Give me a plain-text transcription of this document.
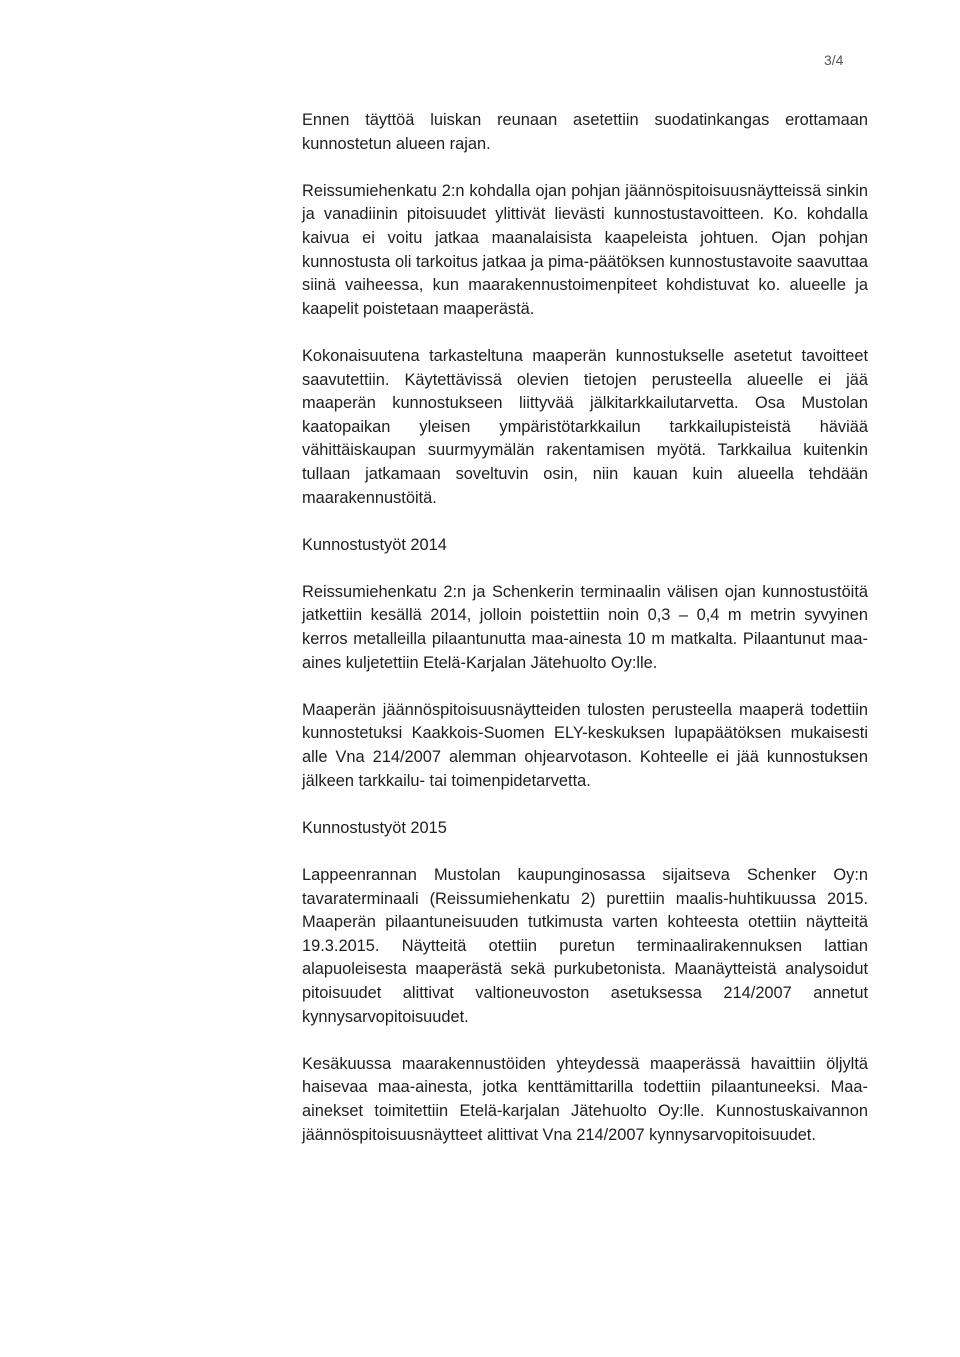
3/4

Ennen täyttöä luiskan reunaan asetettiin suodatinkangas erottamaan kunnostetun alueen rajan.

Reissumiehenkatu 2:n kohdalla ojan pohjan jäännöspitoisuusnäytteissä sinkin ja vanadiinin pitoisuudet ylittivät lievästi kunnostustavoitteen. Ko. kohdalla kaivua ei voitu jatkaa maanalaisista kaapeleista johtuen. Ojan pohjan kunnostusta oli tarkoitus jatkaa ja pima-päätöksen kunnostustavoite saavuttaa siinä vaiheessa, kun maarakennustoimenpiteet kohdistuvat ko. alueelle ja kaapelit poistetaan maaperästä.

Kokonaisuutena tarkasteltuna maaperän kunnostukselle asetetut tavoitteet saavutettiin. Käytettävissä olevien tietojen perusteella alueelle ei jää maaperän kunnostukseen liittyvää jälkitarkkailutarvetta. Osa Mustolan kaatopaikan yleisen ympäristötarkkailun tarkkailupisteistä häviää vähittäiskaupan suurmyymälän rakentamisen myötä. Tarkkailua kuitenkin tullaan jatkamaan soveltuvin osin, niin kauan kuin alueella tehdään maarakennustöitä.

Kunnostustyöt 2014

Reissumiehenkatu 2:n ja Schenkerin terminaalin välisen ojan kunnostustöitä jatkettiin kesällä 2014, jolloin poistettiin noin 0,3 – 0,4 m metrin syvyinen kerros metalleilla pilaantunutta maa-ainesta 10 m matkalta. Pilaantunut maa-aines kuljetettiin Etelä-Karjalan Jätehuolto Oy:lle.

Maaperän jäännöspitoisuusnäytteiden tulosten perusteella maaperä todettiin kunnostetuksi Kaakkois-Suomen ELY-keskuksen lupapäätöksen mukaisesti alle Vna 214/2007 alemman ohjearvotason. Kohteelle ei jää kunnostuksen jälkeen tarkkailu- tai toimenpidetarvetta.

Kunnostustyöt 2015

Lappeenrannan Mustolan kaupunginosassa sijaitseva Schenker Oy:n tavaraterminaali (Reissumiehenkatu 2) purettiin maalis-huhtikuussa 2015. Maaperän pilaantuneisuuden tutkimusta varten kohteesta otettiin näytteitä 19.3.2015. Näytteitä otettiin puretun terminaalirakennuksen lattian alapuoleisesta maaperästä sekä purkubetonista. Maanäytteistä analysoidut pitoisuudet alittivat valtioneuvoston asetuksessa 214/2007 annetut kynnysarvopitoisuudet.

Kesäkuussa maarakennustöiden yhteydessä maaperässä havaittiin öljyltä haisevaa maa-ainesta, jotka kenttämittarilla todettiin pilaantuneeksi. Maa-ainekset toimitettiin Etelä-karjalan Jätehuolto Oy:lle. Kunnostuskaivannon jäännöspitoisuusnäytteet alittivat Vna 214/2007 kynnysarvopitoisuudet.
